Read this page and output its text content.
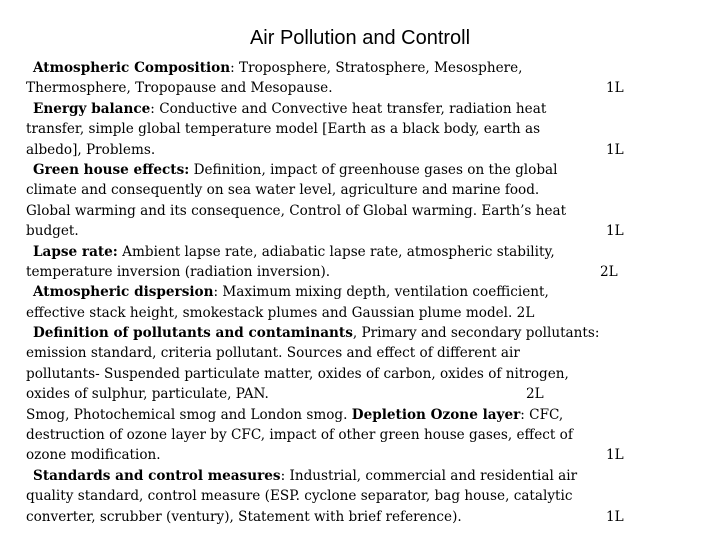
Air Pollution and Controll
Atmospheric Composition: Troposphere, Stratosphere, Mesosphere,
Thermosphere, Tropopause and Mesopause.	1L
Energy balance: Conductive and Convective heat transfer, radiation heat
transfer, simple global temperature model [Earth as a black body, earth as
albedo], Problems.	1L
Green house effects: Definition, impact of greenhouse gases on the global
climate and consequently on sea water level, agriculture and marine food.
Global warming and its consequence, Control of Global warming. Earth’s heat
budget.	1L
Lapse rate: Ambient lapse rate, adiabatic lapse rate, atmospheric stability,
temperature inversion (radiation inversion).	2L
Atmospheric dispersion: Maximum mixing depth, ventilation coefficient,
effective stack height, smokestack plumes and Gaussian plume model. 2L
Definition of pollutants and contaminants, Primary and secondary pollutants:
emission standard, criteria pollutant. Sources and effect of different air
pollutants- Suspended particulate matter, oxides of carbon, oxides of nitrogen,
oxides of sulphur, particulate, PAN.	2L
Smog, Photochemical smog and London smog. Depletion Ozone layer: CFC,
destruction of ozone layer by CFC, impact of other green house gases, effect of
ozone modification.	1L
Standards and control measures: Industrial, commercial and residential air
quality standard, control measure (ESP. cyclone separator, bag house, catalytic
converter, scrubber (ventury), Statement with brief reference).	1L
